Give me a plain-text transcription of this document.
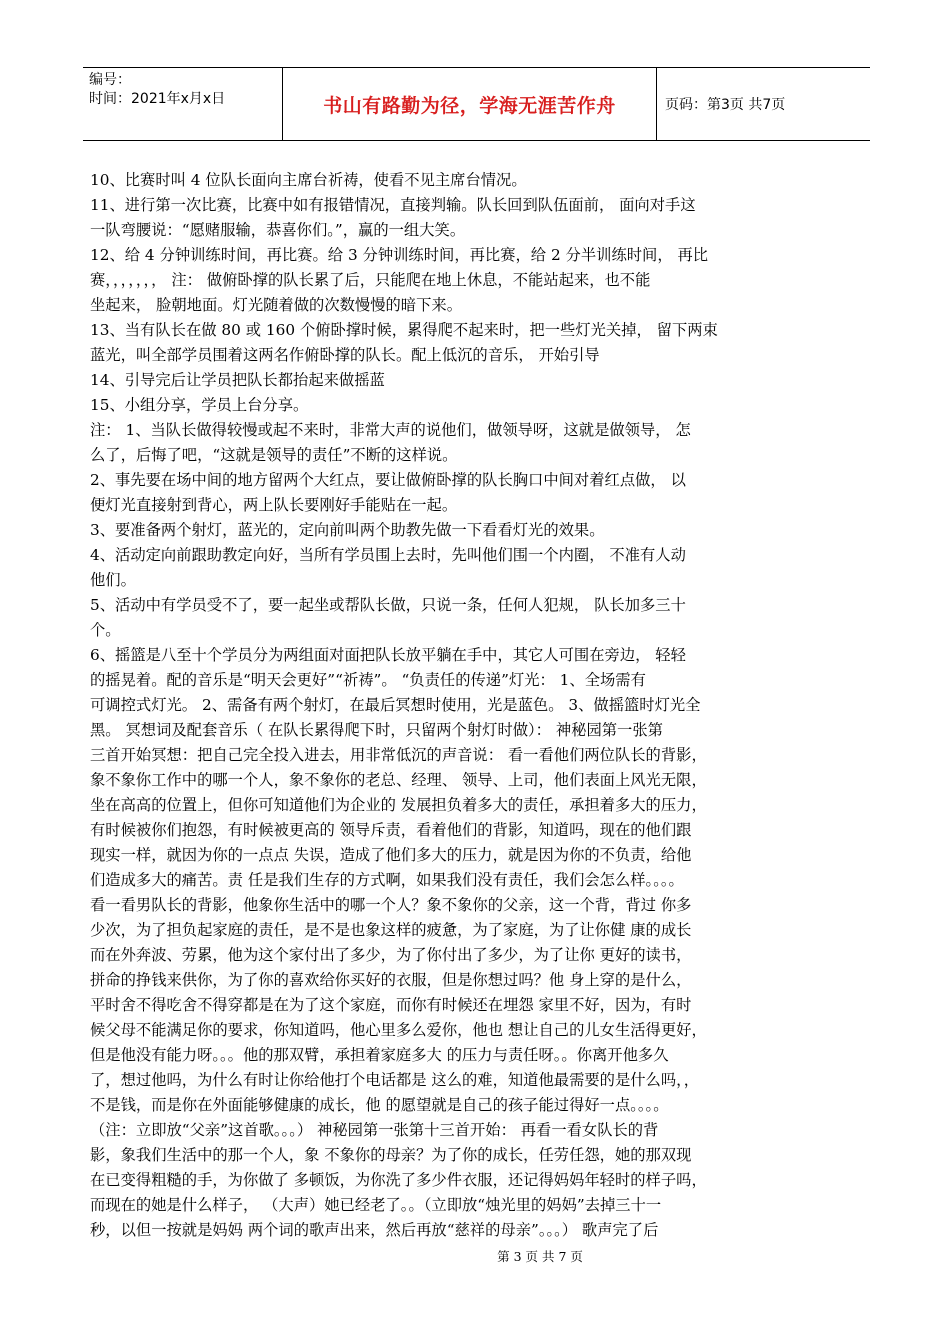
编号：
时间：2021年x月x日	书山有路勤为径，学海无涯苦作舟	页码：第3页 共7页
10、比赛时叫 4 位队长面向主席台祈祷，使看不见主席台情况。
11、进行第一次比赛，比赛中如有报错情况，直接判输。队长回到队伍面前， 面向对手这
一队弯腰说：“愿赌服输，恭喜你们。”，赢的一组大笑。
12、给 4 分钟训练时间，再比赛。给 3 分钟训练时间，再比赛，给 2 分半训练时间， 再比
赛，，，，，，， 注： 做俯卧撑的队长累了后，只能爬在地上休息，不能站起来，也不能
坐起来， 脸朝地面。灯光随着做的次数慢慢的暗下来。
13、当有队长在做 80 或 160 个俯卧撑时候，累得爬不起来时，把一些灯光关掉， 留下两束
蓝光，叫全部学员围着这两名作俯卧撑的队长。配上低沉的音乐， 开始引导
14、引导完后让学员把队长都抬起来做摇蓝
15、小组分享，学员上台分享。
注： 1、当队长做得较慢或起不来时，非常大声的说他们，做领导呀，这就是做领导， 怎
么了，后悔了吧，“这就是领导的责任”不断的这样说。
2、事先要在场中间的地方留两个大红点，要让做俯卧撑的队长胸口中间对着红点做， 以
便灯光直接射到背心，两上队长要刚好手能贴在一起。
3、要准备两个射灯，蓝光的，定向前叫两个助教先做一下看看灯光的效果。
4、活动定向前跟助教定向好，当所有学员围上去时，先叫他们围一个内圈， 不准有人动
他们。
5、活动中有学员受不了，要一起坐或帮队长做，只说一条，任何人犯规， 队长加多三十
个。
6、摇篮是八至十个学员分为两组面对面把队长放平躺在手中，其它人可围在旁边， 轻轻
的摇晃着。配的音乐是“明天会更好”“祈祷”。 “负责任的传递”灯光： 1、全场需有
可调控式灯光。 2、需备有两个射灯，在最后冥想时使用，光是蓝色。 3、做摇篮时灯光全
黑。 冥想词及配套音乐（ 在队长累得爬下时，只留两个射灯时做）： 神秘园第一张第
三首开始冥想：把自己完全投入进去，用非常低沉的声音说： 看一看他们两位队长的背影，
象不象你工作中的哪一个人，象不象你的老总、经理、 领导、上司，他们表面上风光无限，
坐在高高的位置上，但你可知道他们为企业的 发展担负着多大的责任，承担着多大的压力，
有时候被你们抱怨，有时候被更高的 领导斥责，看着他们的背影，知道吗，现在的他们跟
现实一样，就因为你的一点点 失误，造成了他们多大的压力，就是因为你的不负责，给他
们造成多大的痛苦。责 任是我们生存的方式啊，如果我们没有责任，我们会怎么样。。。。
看一看男队长的背影，他象你生活中的哪一个人？象不象你的父亲，这一个背，背过 你多
少次，为了担负起家庭的责任，是不是也象这样的疲惫，为了家庭，为了让你健 康的成长
而在外奔波、劳累，他为这个家付出了多少，为了你付出了多少，为了让你 更好的读书，
拼命的挣钱来供你，为了你的喜欢给你买好的衣服，但是你想过吗？他 身上穿的是什么，
平时舍不得吃舍不得穿都是在为了这个家庭，而你有时候还在埋怨 家里不好，因为，有时
候父母不能满足你的要求，你知道吗，他心里多么爱你，他也 想让自己的儿女生活得更好，
但是他没有能力呀。。。他的那双臂，承担着家庭多大 的压力与责任呀。。你离开他多久
了，想过他吗，为什么有时让你给他打个电话都是 这么的难，知道他最需要的是什么吗，，
不是钱，而是你在外面能够健康的成长，他 的愿望就是自己的孩子能过得好一点。。。。
（注：立即放“父亲”这首歌。。。） 神秘园第一张第十三首开始： 再看一看女队长的背
影，象我们生活中的那一个人，象 不象你的母亲？为了你的成长，任劳任怨，她的那双现
在已变得粗糙的手，为你做了 多顿饭，为你洗了多少件衣服，还记得妈妈年轻时的样子吗，
而现在的她是什么样子， （大声）她已经老了。。（立即放“烛光里的妈妈”去掉三十一
秒，以但一按就是妈妈 两个词的歌声出来，然后再放“慈祥的母亲”。。。） 歌声完了后
第 3 页 共 7 页
